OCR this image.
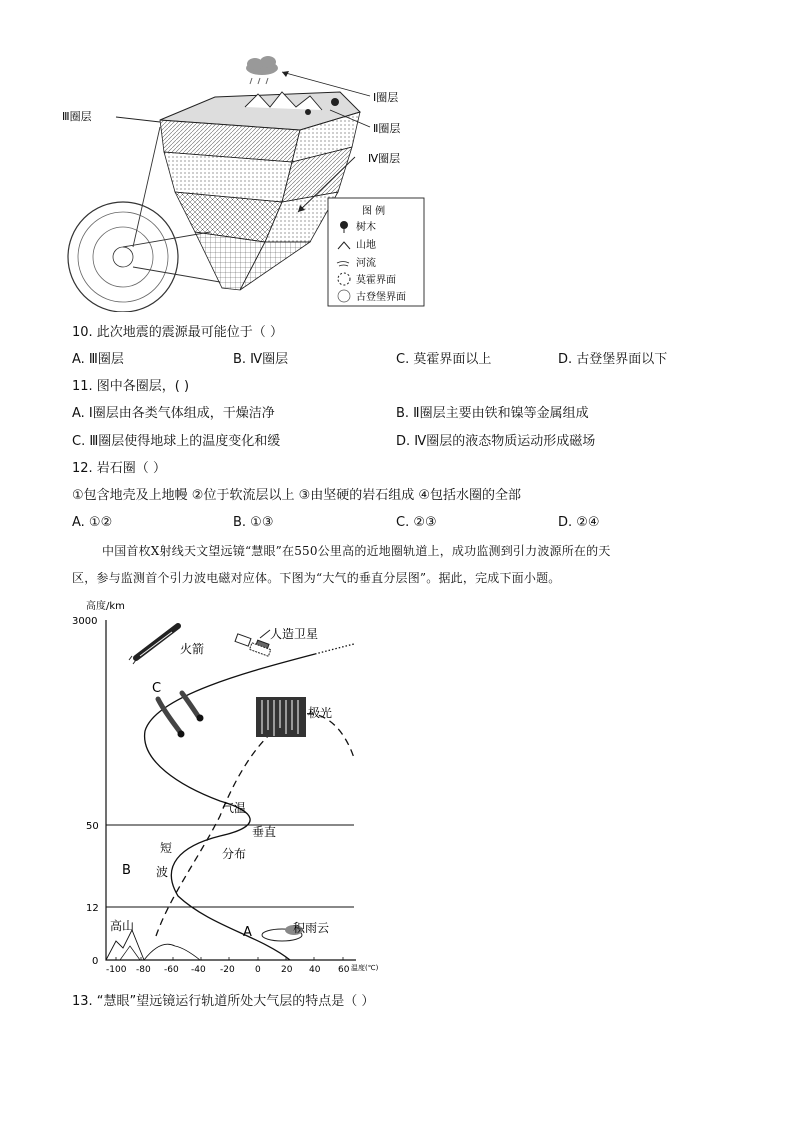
Ⅰ圈层
Ⅱ圈层
Ⅲ圈层
Ⅳ圈层
图 例
树木
山地
河流
莫霍界面
古登堡界面
10. 此次地震的震源最可能位于（ ）
A. Ⅲ圈层	B. Ⅳ圈层	C. 莫霍界面以上	D. 古登堡界面以下
11. 图中各圈层，( )
A. Ⅰ圈层由各类气体组成，干燥洁净	B. Ⅱ圈层主要由铁和镍等金属组成
C. Ⅲ圈层使得地球上的温度变化和缓	D. Ⅳ圈层的液态物质运动形成磁场
12. 岩石圈（ ）
①包含地壳及上地幔 ②位于软流层以上 ③由坚硬的岩石组成 ④包括水圈的全部
A. ①②	B. ①③	C. ②③	D. ②④
中国首枚X射线天文望远镜“慧眼”在550公里高的近地圈轨道上，成功监测到引力波源所在的天
区，参与监测首个引力波电磁对应体。下图为“大气的垂直分层图”。据此，完成下面小题。
高度/km
3000
50
12
0
-100 -80 -60 -40 -20 0 20 40 60 温度(℃)
火箭
人造卫星
C
极光
气温
垂直
分布
短
波
B
高山	A	积雨云
13. “慧眼”望远镜运行轨道所处大气层的特点是（ ）
